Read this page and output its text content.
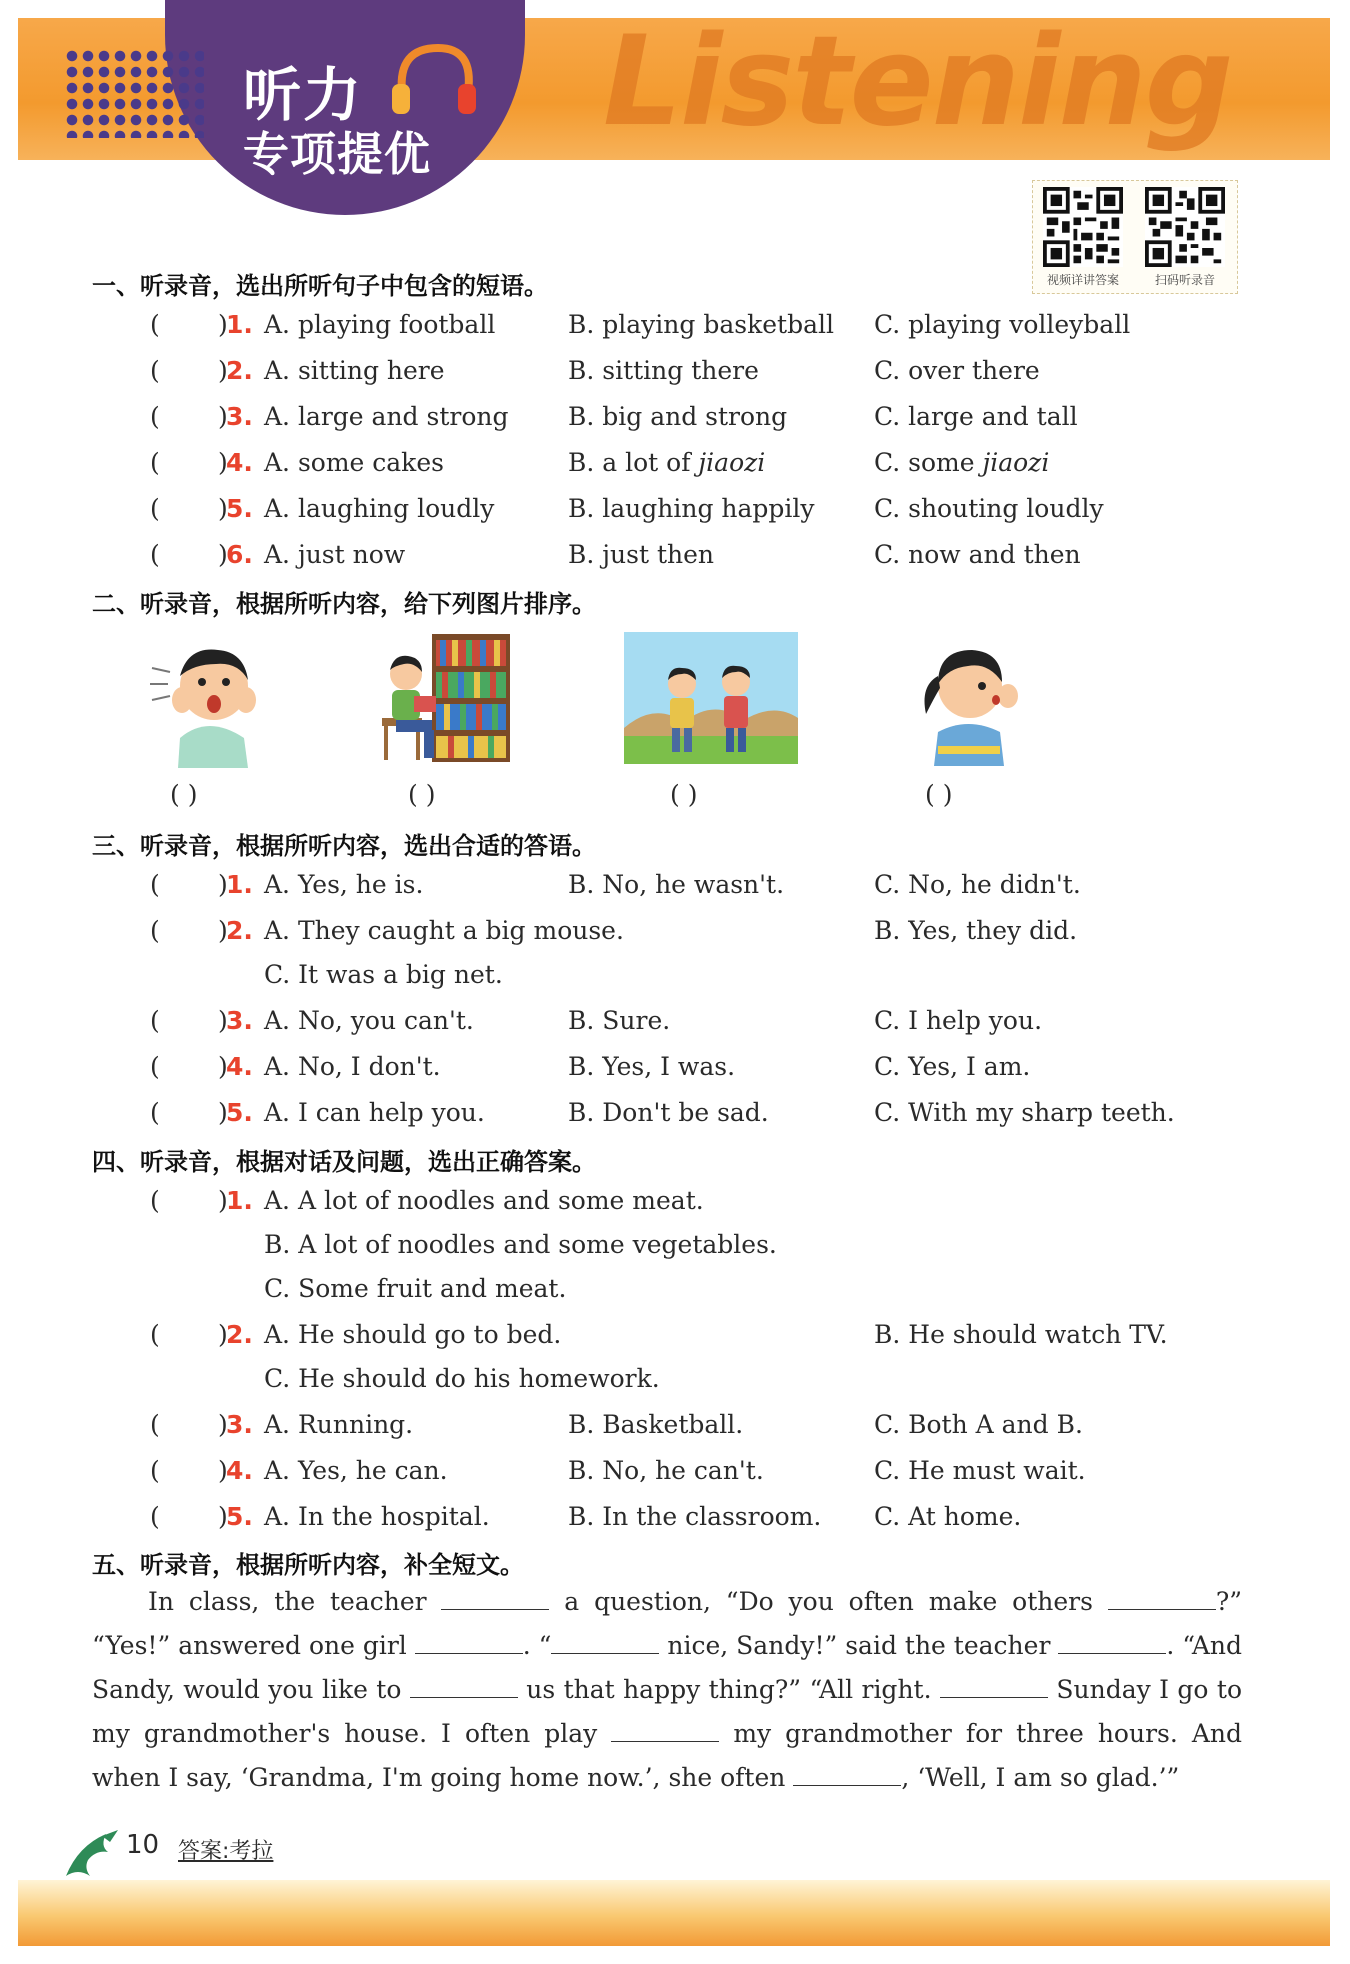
Listening
听力
专项提优
视频详讲答案	扫码听录音
一、听录音，选出所听句子中包含的短语。
( )
1. A. playing football	B. playing basketball C. playing volleyball
( )
2. A. sitting here	B. sitting there	C. over there
( )
3. A. large and strong B. big and strong	C. large and tall
( )
4. A. some cakes	B. a lot of jiaozi	C. some jiaozi
( )
5. A. laughing loudly	B. laughing happily C. shouting loudly
( )
6. A. just now	B. just then	C. now and then
二、听录音，根据所听内容，给下列图片排序。
( )	( )	( )	( )
三、听录音，根据所听内容，选出合适的答语。
( )
1. A. Yes, he is.	B. No, he wasn't.	C. No, he didn't.
( )
2. A. They caught a big mouse.	B. Yes, they did.
C. It was a big net.
( )
3. A. No, you can't.	B. Sure.	C. I help you.
( )
4. A. No, I don't.	B. Yes, I was.	C. Yes, I am.
( )
5. A. I can help you.	B. Don't be sad.	C. With my sharp teeth.
四、听录音，根据对话及问题，选出正确答案。
( )
1. A. A lot of noodles and some meat.
B. A lot of noodles and some vegetables.
C. Some fruit and meat.
( )
2. A. He should go to bed.	B. He should watch TV.
C. He should do his homework.
( )
3. A. Running.	B. Basketball.	C. Both A and B.
( )
4. A. Yes, he can.	B. No, he can't.	C. He must wait.
( )
5. A. In the hospital.	B. In the classroom. C. At home.
五、听录音，根据所听内容，补全短文。

In class, the teacher	a question, “Do you often make others	?” “Yes!” answered one girl	. “	nice, Sandy!” said the teacher	. “And Sandy, would you like to	us that happy thing?” “All right.	Sunday I go to my grandmother's house. I often play	my grandmother for three hours. And when I say, ‘Grandma, I'm going home now.’, she often	, ‘Well, I am so glad.’”

10 答案:考拉
